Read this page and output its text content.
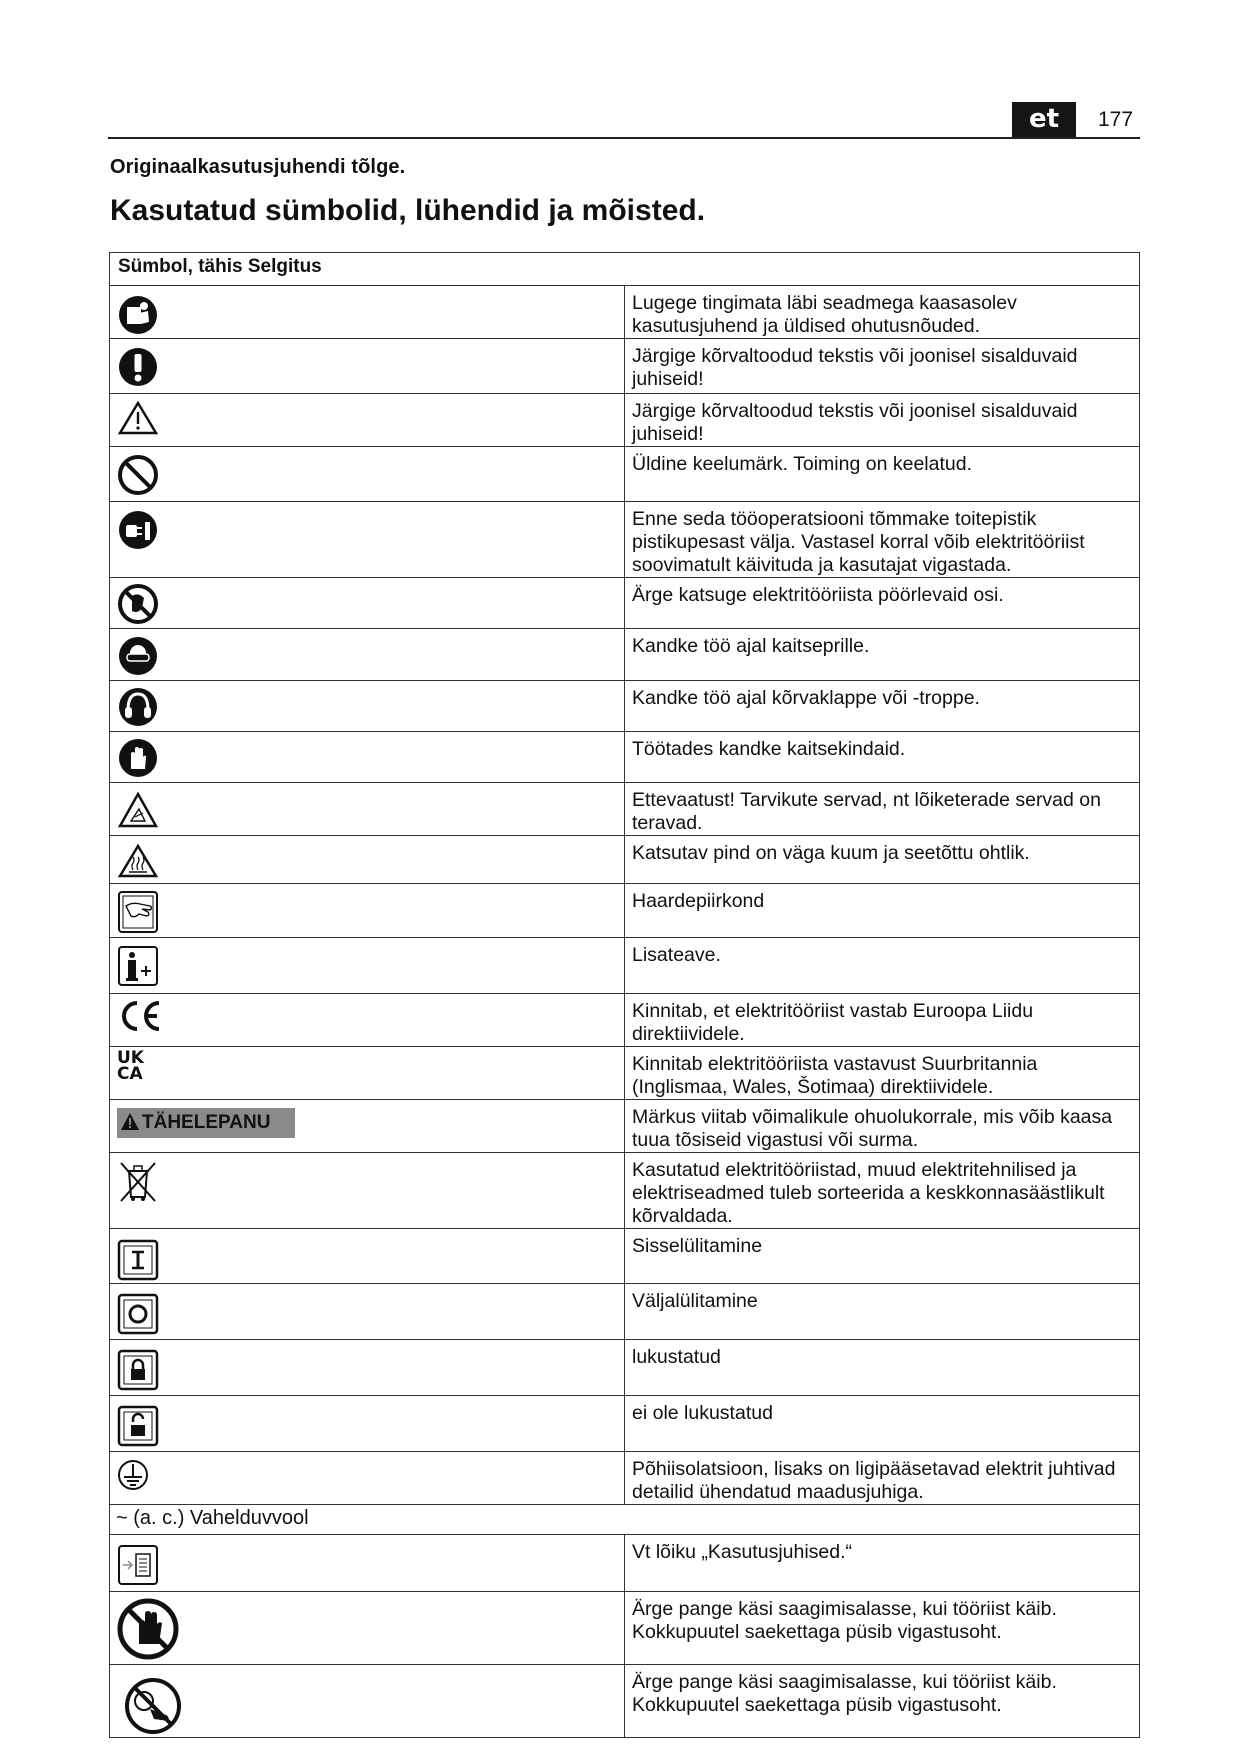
et	177
Originaalkasutusjuhendi tõlge.
Kasutatud sümbolid, lühendid ja mõisted.
Sümbol, tähis Selgitus	

	Lugege tingimata läbi seadmega kaasasolev kasutusjuhend ja üldised ohutusnõuded.

	Järgige kõrvaltoodud tekstis või joonisel sisalduvaid juhiseid!

	Järgige kõrvaltoodud tekstis või joonisel sisalduvaid juhiseid!

	Üldine keelumärk. Toiming on keelatud.

	Enne seda tööoperatsiooni tõmmake toitepistik pistikupesast välja. Vastasel korral võib elektritööriist soovimatult käivituda ja kasutajat vigastada.

	Ärge katsuge elektritööriista pöörlevaid osi.

	Kandke töö ajal kaitseprille.

	Kandke töö ajal kõrvaklappe või -troppe.

	Töötades kandke kaitsekindaid.

	Ettevaatust! Tarvikute servad, nt lõiketerade servad on teravad.

	Katsutav pind on väga kuum ja seetõttu ohtlik.

	Haardepiirkond

	Lisateave.

	Kinnitab, et elektritööriist vastab Euroopa Liidu direktiividele.

UK CA	Kinnitab elektritööriista vastavust Suurbritannia (Inglismaa, Wales, Šotimaa) direktiividele.

TÄHELEPANU	Märkus viitab võimalikule ohuolukorrale, mis võib kaasa tuua tõsiseid vigastusi või surma.

	Kasutatud elektritööriistad, muud elektritehnilised ja elektriseadmed tuleb sorteerida a keskkonnasäästlikult kõrvaldada.

	Sisselülitamine

	Väljalülitamine

	lukustatud

	ei ole lukustatud

	Põhiisolatsioon, lisaks on ligipääsetavad elektrit juhtivad detailid ühendatud maadusjuhiga.
~ (a. c.) Vahelduvvool	

	Vt lõiku „Kasutusjuhised.“

	Ärge pange käsi saagimisalasse, kui tööriist käib. Kokkupuutel saekettaga püsib vigastusoht.

	Ärge pange käsi saagimisalasse, kui tööriist käib. Kokkupuutel saekettaga püsib vigastusoht.
